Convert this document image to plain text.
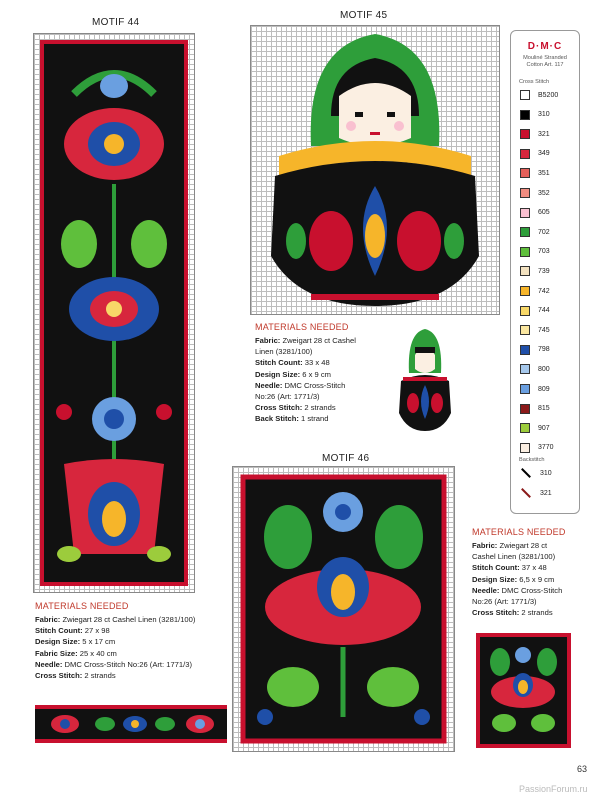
MOTIF 44
MOTIF 45
MOTIF 46
MATERIALS NEEDED
Fabric: Zweigart 28 ct Cashel
Linen (3281/100)
Stitch Count: 33 x 48
Design Size: 6 x 9 cm
Needle: DMC Cross-Stitch
No:26 (Art: 1771/3)
Cross Stitch: 2 strands
Back Stitch: 1 strand
MATERIALS NEEDED
Fabric: Zwiegart 28 ct Cashel Linen (3281/100)
Stitch Count: 27 x 98
Design Size: 5 x 17 cm
Fabric Size: 25 x 40 cm
Needle: DMC Cross-Stitch No:26 (Art: 1771/3)
Cross Stitch: 2 strands
MATERIALS NEEDED
Fabric: Zwiegart 28 ct
Cashel Linen (3281/100)
Stitch Count: 37 x 48
Design Size: 6,5 x 9 cm
Needle: DMC Cross-Stitch
No:26 (Art: 1771/3)
Cross Stitch: 2 strands
D·M·C
Mouliné Stranded
Cotton Art. 117
Cross Stitch
B5200
310
321
349
351
352
605
702
703
739
742
744
745
798
800
809
815
907
3770
Backstitch
310
321
63
PassionForum.ru
